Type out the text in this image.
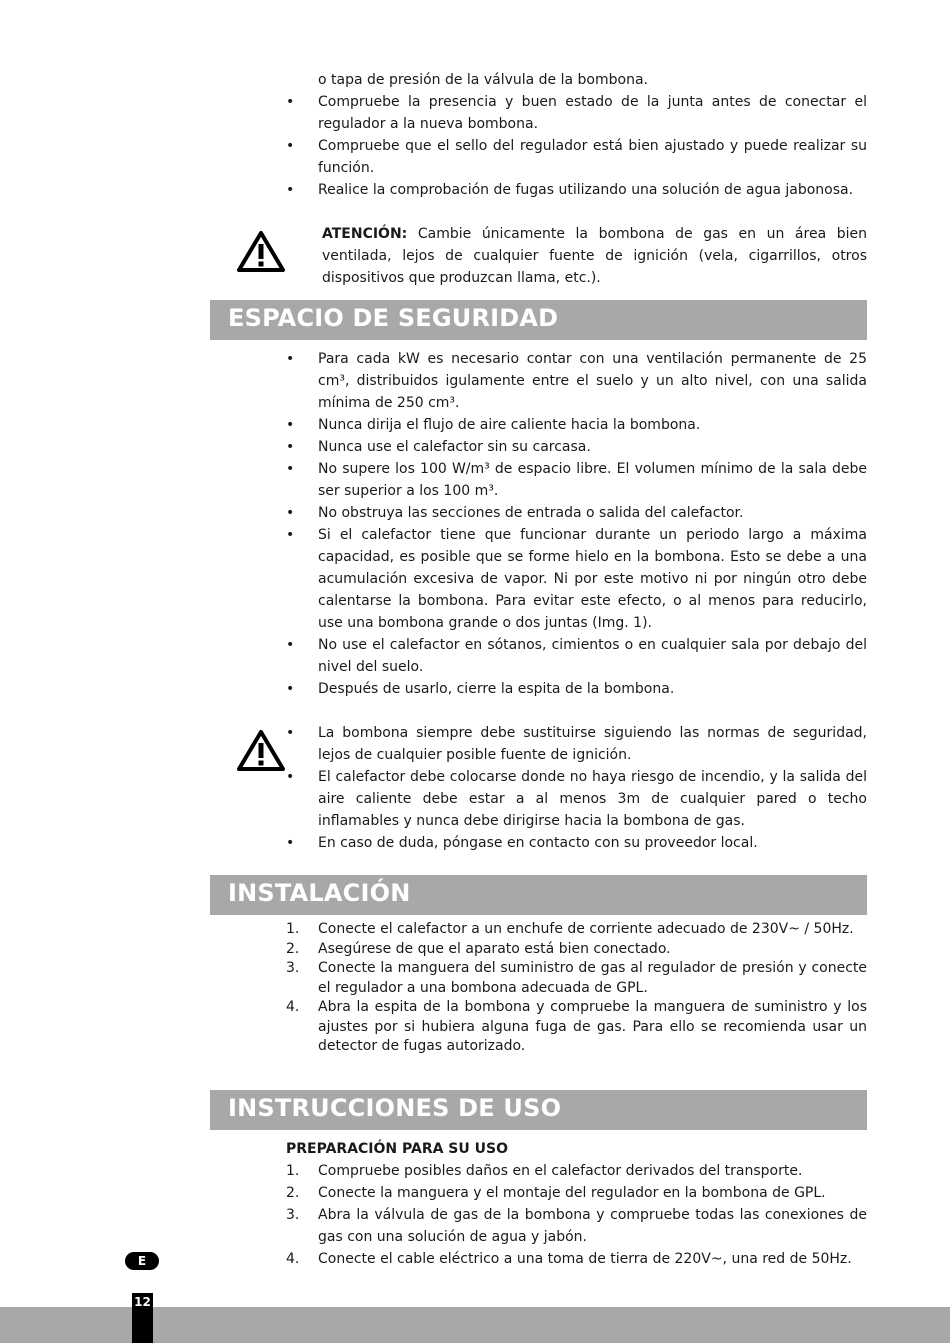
o tapa de presión de la válvula de la bombona.
•	Compruebe la presencia y buen estado de la junta antes de conectar el regulador a la nueva bombona.
•	Compruebe que el sello del regulador está bien ajustado y puede realizar su función.
•	Realice la comprobación de fugas utilizando una solución de agua jabonosa.
ATENCIÓN: Cambie únicamente la bombona de gas en un área bien ventilada, lejos de cualquier fuente de ignición (vela, cigarrillos, otros dispositivos que produzcan llama, etc.).
ESPACIO DE SEGURIDAD
•	Para cada kW es necesario contar con una ventilación permanente de 25 cm³, distribuidos igulamente entre el suelo y un alto nivel, con una salida mínima de 250 cm³.
•	Nunca dirija el flujo de aire caliente hacia la bombona.
•	Nunca use el calefactor sin su carcasa.
•	No supere los 100 W/m³ de espacio libre. El volumen mínimo de la sala debe ser superior a los 100 m³.
•	No obstruya las secciones de entrada o salida del calefactor.
•	Si el calefactor tiene que funcionar durante un periodo largo a máxima capacidad, es posible que se forme hielo en la bombona. Esto se debe a una acumulación excesiva de vapor. Ni por este motivo ni por ningún otro debe calentarse la bombona. Para evitar este efecto, o al menos para reducirlo, use una bombona grande o dos juntas (Img. 1).
•	No use el calefactor en sótanos, cimientos o en cualquier sala por debajo del nivel del suelo.
•	Después de usarlo, cierre la espita de la bombona.
•	La bombona siempre debe sustituirse siguiendo las normas de seguridad, lejos de cualquier posible fuente de ignición.
•	El calefactor debe colocarse donde no haya riesgo de incendio, y la salida del aire caliente debe estar a al menos 3m de cualquier pared o techo inflamables y nunca debe dirigirse hacia la bombona de gas.
•	En caso de duda, póngase en contacto con su proveedor local.
INSTALACIÓN
1.	Conecte el calefactor a un enchufe de corriente adecuado de 230V~ / 50Hz.
2.	Asegúrese de que el aparato está bien conectado.
3.	Conecte la manguera del suministro de gas al regulador de presión y conecte el regulador a una bombona adecuada de GPL.
4.	Abra la espita de la bombona y compruebe la manguera de suministro y los ajustes por si hubiera alguna fuga de gas. Para ello se recomienda usar un detector de fugas autorizado.
INSTRUCCIONES DE USO
PREPARACIÓN PARA SU USO
1.	Compruebe posibles daños en el calefactor derivados del transporte.
2.	Conecte la manguera y el montaje del regulador en la bombona de GPL.
3.	Abra la válvula de gas de la bombona y compruebe todas las conexiones de gas con una solución de agua y jabón.
4.	Conecte el cable eléctrico a una toma de tierra de 220V~, una red de 50Hz.
E
12
